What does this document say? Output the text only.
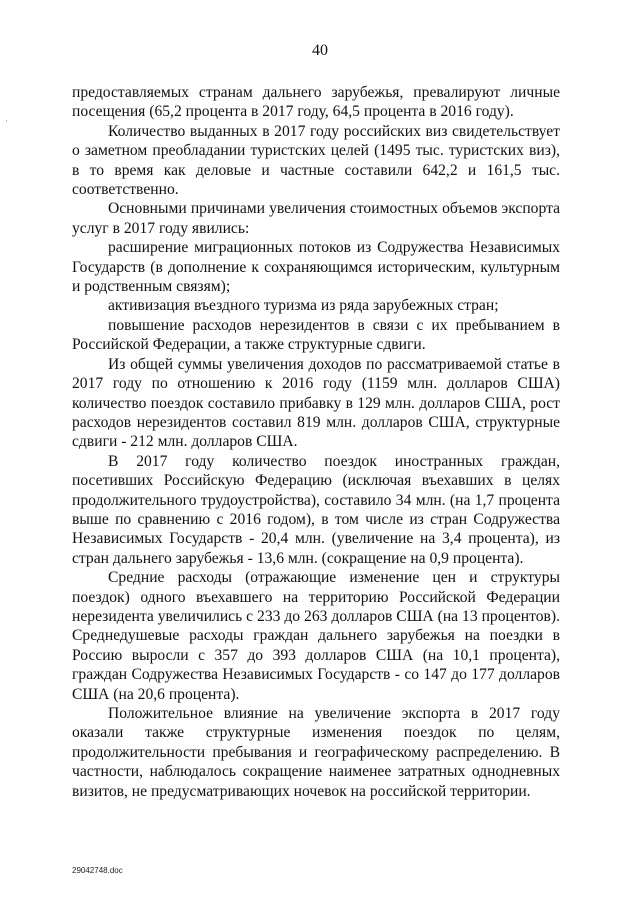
40

предоставляемых странам дальнего зарубежья, превалируют личные посещения (65,2 процента в 2017 году, 64,5 процента в 2016 году).

Количество выданных в 2017 году российских виз свидетельствует о заметном преобладании туристских целей (1495 тыс. туристских виз), в то время как деловые и частные составили 642,2 и 161,5 тыс. соответственно.

Основными причинами увеличения стоимостных объемов экспорта услуг в 2017 году явились:

расширение миграционных потоков из Содружества Независимых Государств (в дополнение к сохраняющимся историческим, культурным и родственным связям);

активизация въездного туризма из ряда зарубежных стран;

повышение расходов нерезидентов в связи с их пребыванием в Российской Федерации, а также структурные сдвиги.

Из общей суммы увеличения доходов по рассматриваемой статье в 2017 году по отношению к 2016 году (1159 млн. долларов США) количество поездок составило прибавку в 129 млн. долларов США, рост расходов нерезидентов составил 819 млн. долларов США, структурные сдвиги - 212 млн. долларов США.

В 2017 году количество поездок иностранных граждан, посетивших Российскую Федерацию (исключая въехавших в целях продолжительного трудоустройства), составило 34 млн. (на 1,7 процента выше по сравнению с 2016 годом), в том числе из стран Содружества Независимых Государств - 20,4 млн. (увеличение на 3,4 процента), из стран дальнего зарубежья - 13,6 млн. (сокращение на 0,9 процента).

Средние расходы (отражающие изменение цен и структуры поездок) одного въехавшего на территорию Российской Федерации нерезидента увеличились с 233 до 263 долларов США (на 13 процентов). Среднедушевые расходы граждан дальнего зарубежья на поездки в Россию выросли с 357 до 393 долларов США (на 10,1 процента), граждан Содружества Независимых Государств - со 147 до 177 долларов США (на 20,6 процента).

Положительное влияние на увеличение экспорта в 2017 году оказали также структурные изменения поездок по целям, продолжительности пребывания и географическому распределению. В частности, наблюдалось сокращение наименее затратных однодневных визитов, не предусматривающих ночевок на российской территории.

29042748.doc
